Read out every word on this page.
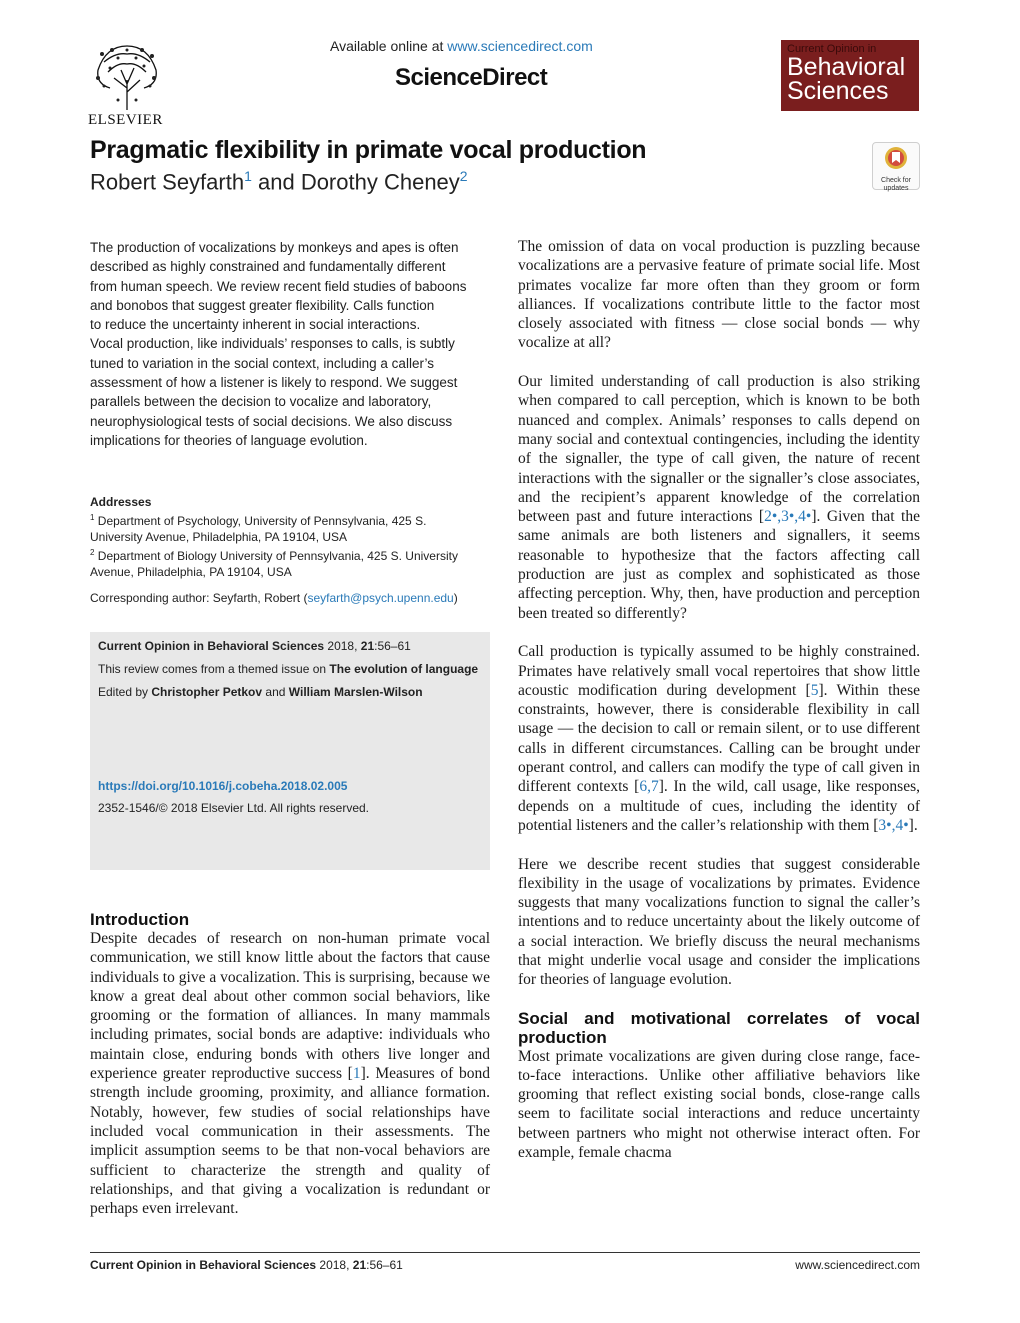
ELSEVIER
Available online at www.sciencedirect.com
ScienceDirect
Current Opinion in
Behavioral
Sciences
Pragmatic flexibility in primate vocal production
Robert Seyfarth$^1$ and Dorothy Cheney$^2$	Check for
updates
The production of vocalizations by monkeys and apes is often
described as highly constrained and fundamentally different
from human speech. We review recent field studies of baboons
and bonobos that suggest greater flexibility. Calls function
to reduce the uncertainty inherent in social interactions.
Vocal production, like individuals’ responses to calls, is subtly
tuned to variation in the social context, including a caller’s
assessment of how a listener is likely to respond. We suggest
parallels between the decision to vocalize and laboratory,
neurophysiological tests of social decisions. We also discuss
implications for theories of language evolution.
Addresses
$^1$ Department of Psychology, University of Pennsylvania, 425 S.
University Avenue, Philadelphia, PA 19104, USA
$^2$ Department of Biology University of Pennsylvania, 425 S. University
Avenue, Philadelphia, PA 19104, USA
Corresponding author: Seyfarth, Robert (seyfarth@psych.upenn.edu)
Current Opinion in Behavioral Sciences 2018, 21:56–61
This review comes from a themed issue on The evolution of language
Edited by Christopher Petkov and William Marslen-Wilson
https://doi.org/10.1016/j.cobeha.2018.02.005
2352-1546/© 2018 Elsevier Ltd. All rights reserved.
Introduction
Despite decades of research on non-human primate vocal communication, we still know little about the factors that cause individuals to give a vocalization. This is surprising, because we know a great deal about other common social behaviors, like grooming or the formation of alliances. In many mammals including primates, social bonds are adaptive: individuals who maintain close, enduring bonds with others live longer and experience greater reproductive success [1]. Measures of bond strength include grooming, proximity, and alliance formation. Notably, however, few studies of social relationships have included vocal communication in their assessments. The implicit assumption seems to be that non-vocal behaviors are sufficient to characterize the strength and quality of relationships, and that giving a vocalization is redundant or perhaps even irrelevant.

The omission of data on vocal production is puzzling because vocalizations are a pervasive feature of primate social life. Most primates vocalize far more often than they groom or form alliances. If vocalizations contribute little to the factor most closely associated with fitness — close social bonds — why vocalize at all?

Our limited understanding of call production is also striking when compared to call perception, which is known to be both nuanced and complex. Animals’ responses to calls depend on many social and contextual contingencies, including the identity of the signaller, the type of call given, the nature of recent interactions with the signaller or the signaller’s close associates, and the recipient’s apparent knowledge of the correlation between past and future interactions [2•,3•,4•]. Given that the same animals are both listeners and signallers, it seems reasonable to hypothesize that the factors affecting call production are just as complex and sophisticated as those affecting perception. Why, then, have production and perception been treated so differently?

Call production is typically assumed to be highly constrained. Primates have relatively small vocal repertoires that show little acoustic modification during development [5]. Within these constraints, however, there is considerable flexibility in call usage — the decision to call or remain silent, or to use different calls in different circumstances. Calling can be brought under operant control, and callers can modify the type of call given in different contexts [6,7]. In the wild, call usage, like responses, depends on a multitude of cues, including the identity of potential listeners and the caller’s relationship with them [3•,4•].

Here we describe recent studies that suggest considerable flexibility in the usage of vocalizations by primates. Evidence suggests that many vocalizations function to signal the caller’s intentions and to reduce uncertainty about the likely outcome of a social interaction. We briefly discuss the neural mechanisms that might underlie vocal usage and consider the implications for theories of language evolution.

Social and motivational correlates of vocal production

Most primate vocalizations are given during close range, face-to-face interactions. Unlike other affiliative behaviors like grooming that reflect existing social bonds, close-range calls seem to facilitate social interactions and reduce uncertainty between partners who might not otherwise interact often. For example, female chacma

Current Opinion in Behavioral Sciences 2018, 21:56–61	www.sciencedirect.com
